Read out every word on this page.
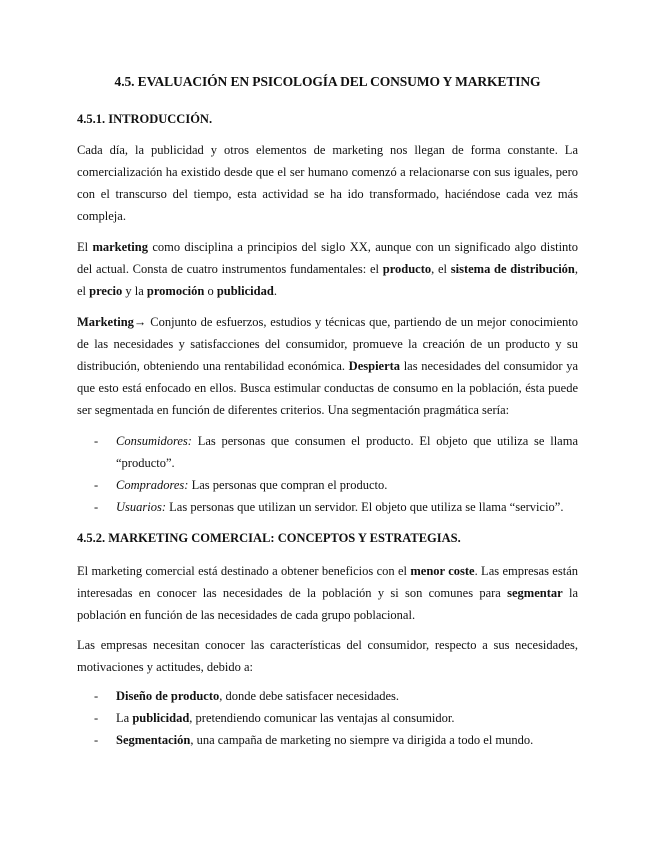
4.5. EVALUACIÓN EN PSICOLOGÍA DEL CONSUMO Y MARKETING
4.5.1. INTRODUCCIÓN.
Cada día, la publicidad y otros elementos de marketing nos llegan de forma constante. La comercialización ha existido desde que el ser humano comenzó a relacionarse con sus iguales, pero con el transcurso del tiempo, esta actividad se ha ido transformado, haciéndose cada vez más compleja.
El marketing como disciplina a principios del siglo XX, aunque con un significado algo distinto del actual. Consta de cuatro instrumentos fundamentales: el producto, el sistema de distribución, el precio y la promoción o publicidad.
Marketing→ Conjunto de esfuerzos, estudios y técnicas que, partiendo de un mejor conocimiento de las necesidades y satisfacciones del consumidor, promueve la creación de un producto y su distribución, obteniendo una rentabilidad económica. Despierta las necesidades del consumidor ya que esto está enfocado en ellos. Busca estimular conductas de consumo en la población, ésta puede ser segmentada en función de diferentes criterios. Una segmentación pragmática sería:
- Consumidores: Las personas que consumen el producto. El objeto que utiliza se llama “producto”.
- Compradores: Las personas que compran el producto.
- Usuarios: Las personas que utilizan un servidor. El objeto que utiliza se llama “servicio”.
4.5.2. MARKETING COMERCIAL: CONCEPTOS Y ESTRATEGIAS.
El marketing comercial está destinado a obtener beneficios con el menor coste. Las empresas están interesadas en conocer las necesidades de la población y si son comunes para segmentar la población en función de las necesidades de cada grupo poblacional.
Las empresas necesitan conocer las características del consumidor, respecto a sus necesidades, motivaciones y actitudes, debido a:
- Diseño de producto, donde debe satisfacer necesidades.
- La publicidad, pretendiendo comunicar las ventajas al consumidor.
- Segmentación, una campaña de marketing no siempre va dirigida a todo el mundo.
